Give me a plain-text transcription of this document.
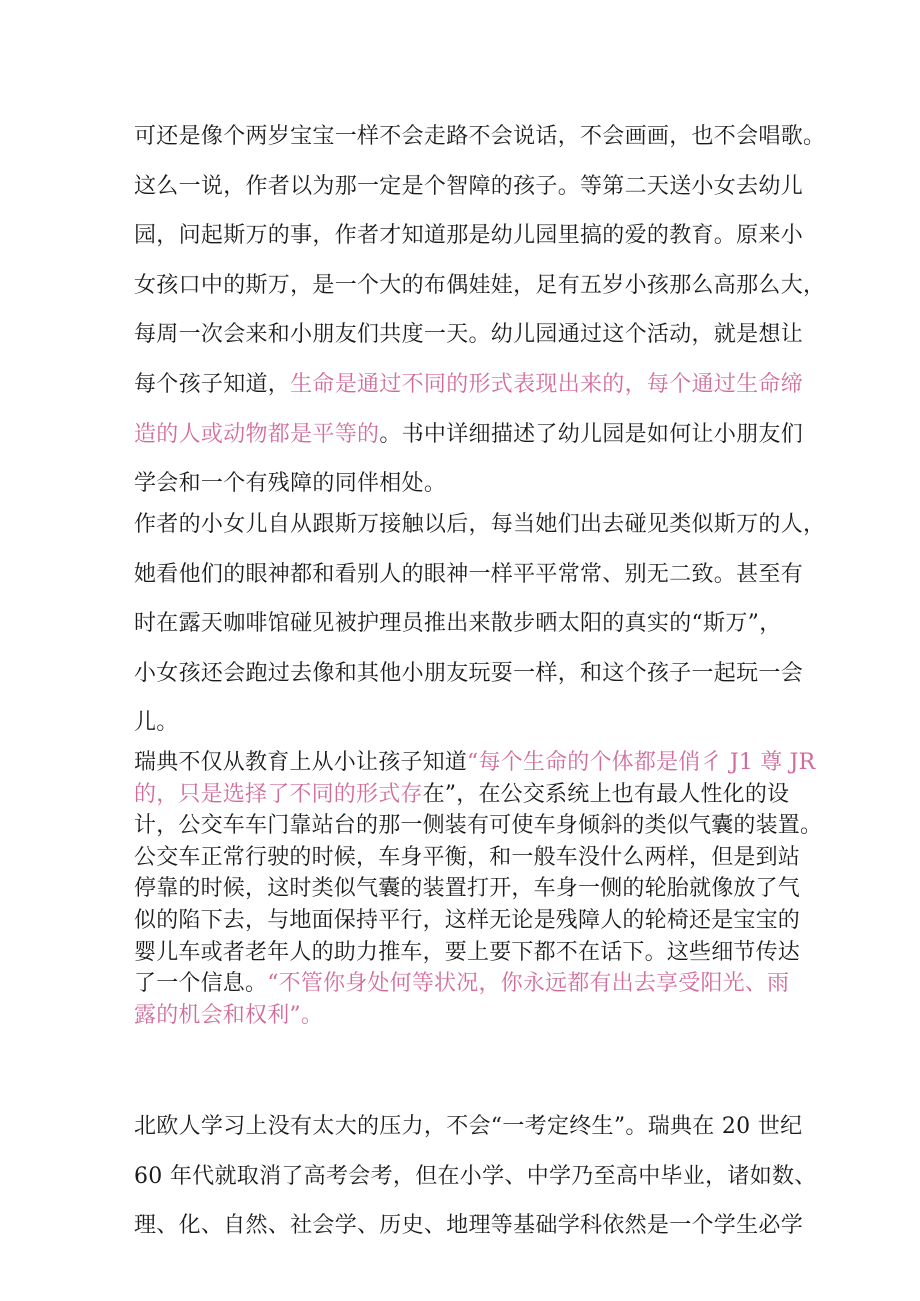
可还是像个两岁宝宝一样不会走路不会说话，不会画画，也不会唱歌。
这么一说，作者以为那一定是个智障的孩子。等第二天送小女去幼儿
园，问起斯万的事，作者才知道那是幼儿园里搞的爱的教育。原来小
女孩口中的斯万，是一个大的布偶娃娃，足有五岁小孩那么高那么大，
每周一次会来和小朋友们共度一天。幼儿园通过这个活动，就是想让
每个孩子知道，生命是通过不同的形式表现出来的，每个通过生命缔
造的人或动物都是平等的。书中详细描述了幼儿园是如何让小朋友们
学会和一个有残障的同伴相处。
作者的小女儿自从跟斯万接触以后，每当她们出去碰见类似斯万的人，
她看他们的眼神都和看别人的眼神一样平平常常、别无二致。甚至有
时在露天咖啡馆碰见被护理员推出来散步晒太阳的真实的“斯万”，
小女孩还会跑过去像和其他小朋友玩耍一样，和这个孩子一起玩一会
儿。
瑞典不仅从教育上从小让孩子知道“每个生命的个体都是俏彳 J1 尊 JR
的，只是选择了不同的形式存在”，在公交系统上也有最人性化的设
计，公交车车门靠站台的那一侧装有可使车身倾斜的类似气囊的装置。
公交车正常行驶的时候，车身平衡，和一般车没什么两样，但是到站
停靠的时候，这时类似气囊的装置打开，车身一侧的轮胎就像放了气
似的陷下去，与地面保持平行，这样无论是残障人的轮椅还是宝宝的
婴儿车或者老年人的助力推车，要上要下都不在话下。这些细节传达
了一个信息。“不管你身处何等状况，你永远都有出去享受阳光、雨
露的机会和权利”。
北欧人学习上没有太大的压力，不会“一考定终生”。瑞典在 20 世纪
60 年代就取消了高考会考，但在小学、中学乃至高中毕业，诸如数、
理、化、自然、社会学、历史、地理等基础学科依然是一个学生必学
